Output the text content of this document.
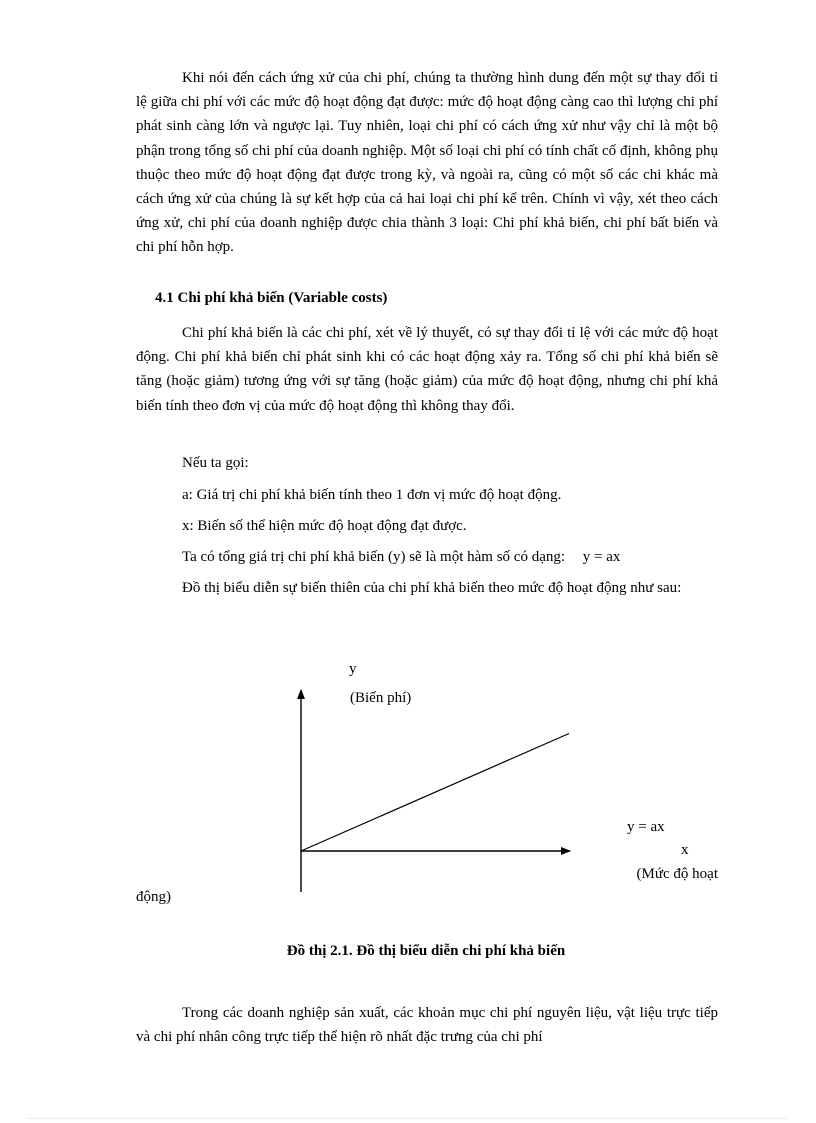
Khi nói đến cách ứng xử của chi phí, chúng ta thường hình dung đến một sự thay đổi tỉ lệ giữa chi phí với các mức độ hoạt động đạt được: mức độ hoạt động càng cao thì lượng chi phí phát sinh càng lớn và ngược lại. Tuy nhiên, loại chi phí có cách ứng xử như vậy chỉ là một bộ phận trong tổng số chi phí của doanh nghiệp. Một số loại chi phí có tính chất cố định, không phụ thuộc theo mức độ hoạt động đạt được trong kỳ, và ngoài ra, cũng có một số các chi khác mà cách ứng xử của chúng là sự kết hợp của cả hai loại chi phí kể trên. Chính vì vậy, xét theo cách ứng xử, chi phí của doanh nghiệp được chia thành 3 loại: Chi phí khả biến, chi phí bất biến và chi phí hỗn hợp.

4.1 Chi phí khả biến (Variable costs)

Chi phí khả biến là các chi phí, xét về lý thuyết, có sự thay đổi tỉ lệ với các mức độ hoạt động. Chi phí khả biến chỉ phát sinh khi có các hoạt động xảy ra. Tổng số chi phí khả biến sẽ tăng (hoặc giảm) tương ứng với sự tăng (hoặc giảm) của mức độ hoạt động, nhưng chi phí khả biến tính theo đơn vị của mức độ hoạt động thì không thay đổi.

Nếu ta gọi:

a: Giá trị chi phí khả biến tính theo 1 đơn vị mức độ hoạt động.

x: Biến số thể hiện mức độ hoạt động đạt được.

Ta có tổng giá trị chi phí khả biến (y) sẽ là một hàm số có dạng: y = ax

Đồ thị biểu diễn sự biến thiên của chi phí khả biến theo mức độ hoạt động như sau:

y
(Biến phí)
y = ax
x
(Mức độ hoạt
động)

Đồ thị 2.1. Đồ thị biểu diễn chi phí khả biến

Trong các doanh nghiệp sản xuất, các khoản mục chi phí nguyên liệu, vật liệu trực tiếp và chi phí nhân công trực tiếp thể hiện rõ nhất đặc trưng của chi phí
